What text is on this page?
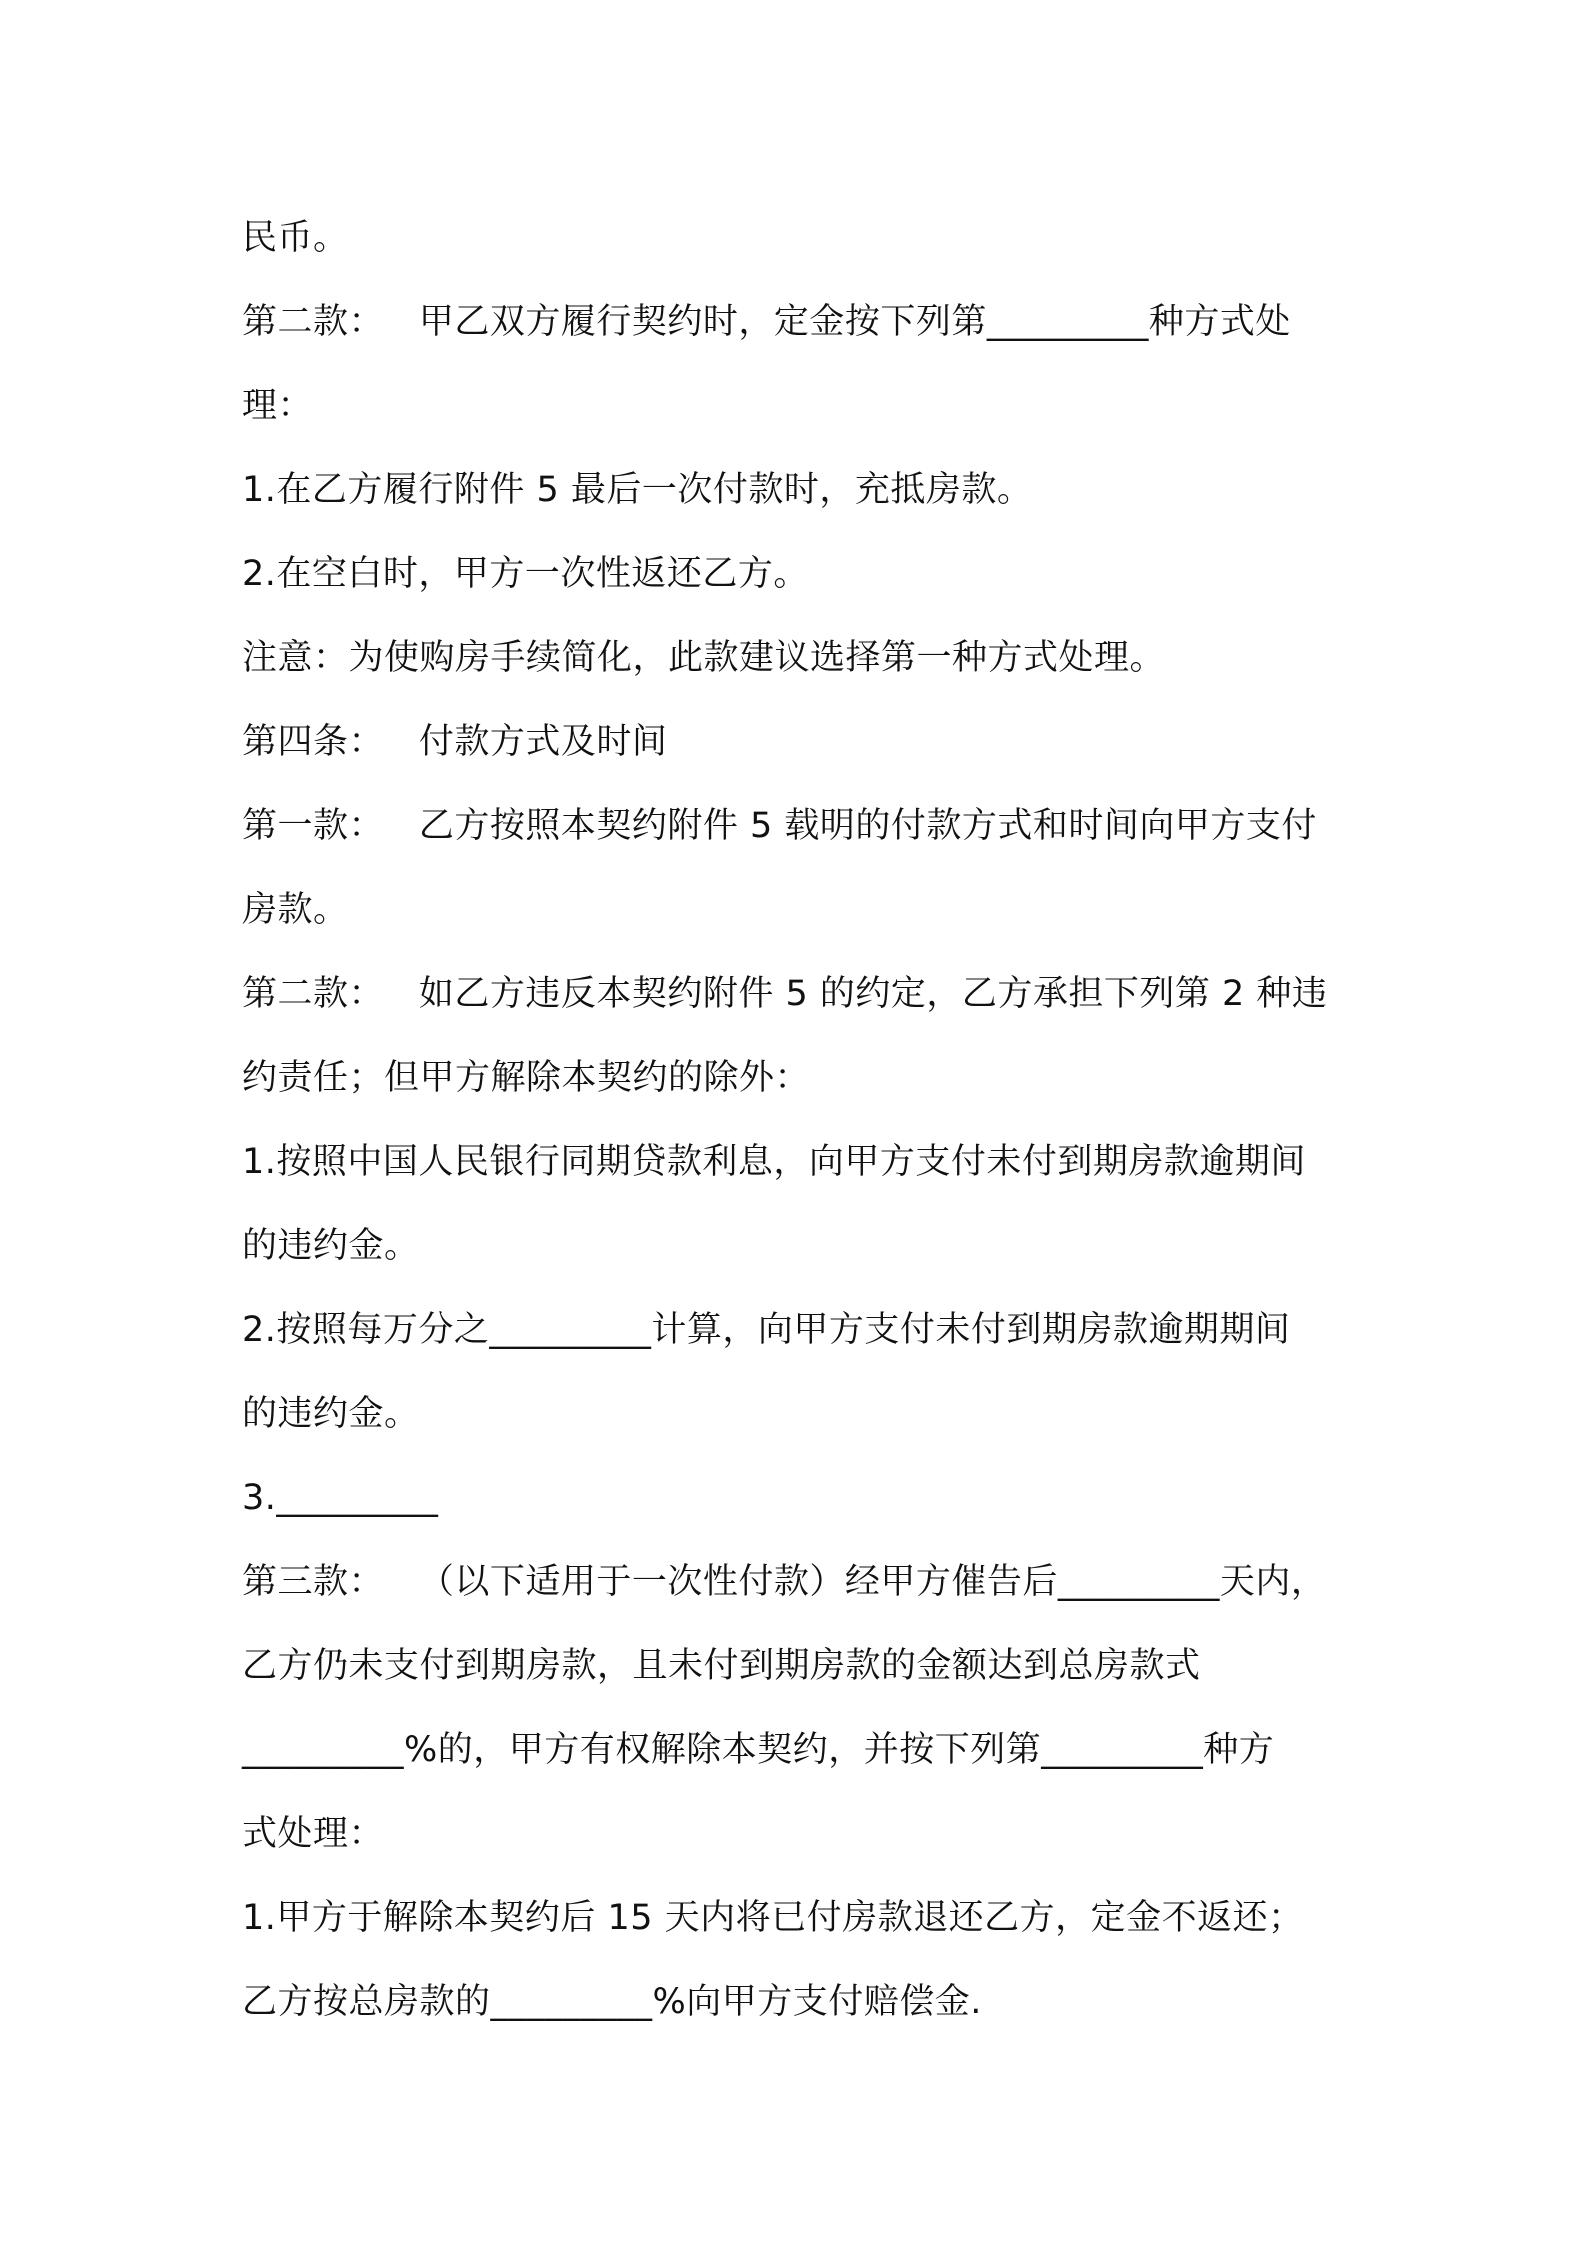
民币。
第二款：   甲乙双方履行契约时，定金按下列第_________种方式处
理：
1.在乙方履行附件 5 最后一次付款时，充抵房款。
2.在空白时，甲方一次性返还乙方。
注意：为使购房手续简化，此款建议选择第一种方式处理。
第四条：   付款方式及时间
第一款：   乙方按照本契约附件 5 载明的付款方式和时间向甲方支付
房款。
第二款：   如乙方违反本契约附件 5 的约定，乙方承担下列第 2 种违
约责任；但甲方解除本契约的除外：
1.按照中国人民银行同期贷款利息，向甲方支付未付到期房款逾期间
的违约金。
2.按照每万分之_________计算，向甲方支付未付到期房款逾期期间
的违约金。
3._________
第三款：   （以下适用于一次性付款）经甲方催告后_________天内，
乙方仍未支付到期房款，且未付到期房款的金额达到总房款式
_________%的，甲方有权解除本契约，并按下列第_________种方
式处理：
1.甲方于解除本契约后 15 天内将已付房款退还乙方，定金不返还；
乙方按总房款的_________%向甲方支付赔偿金.
